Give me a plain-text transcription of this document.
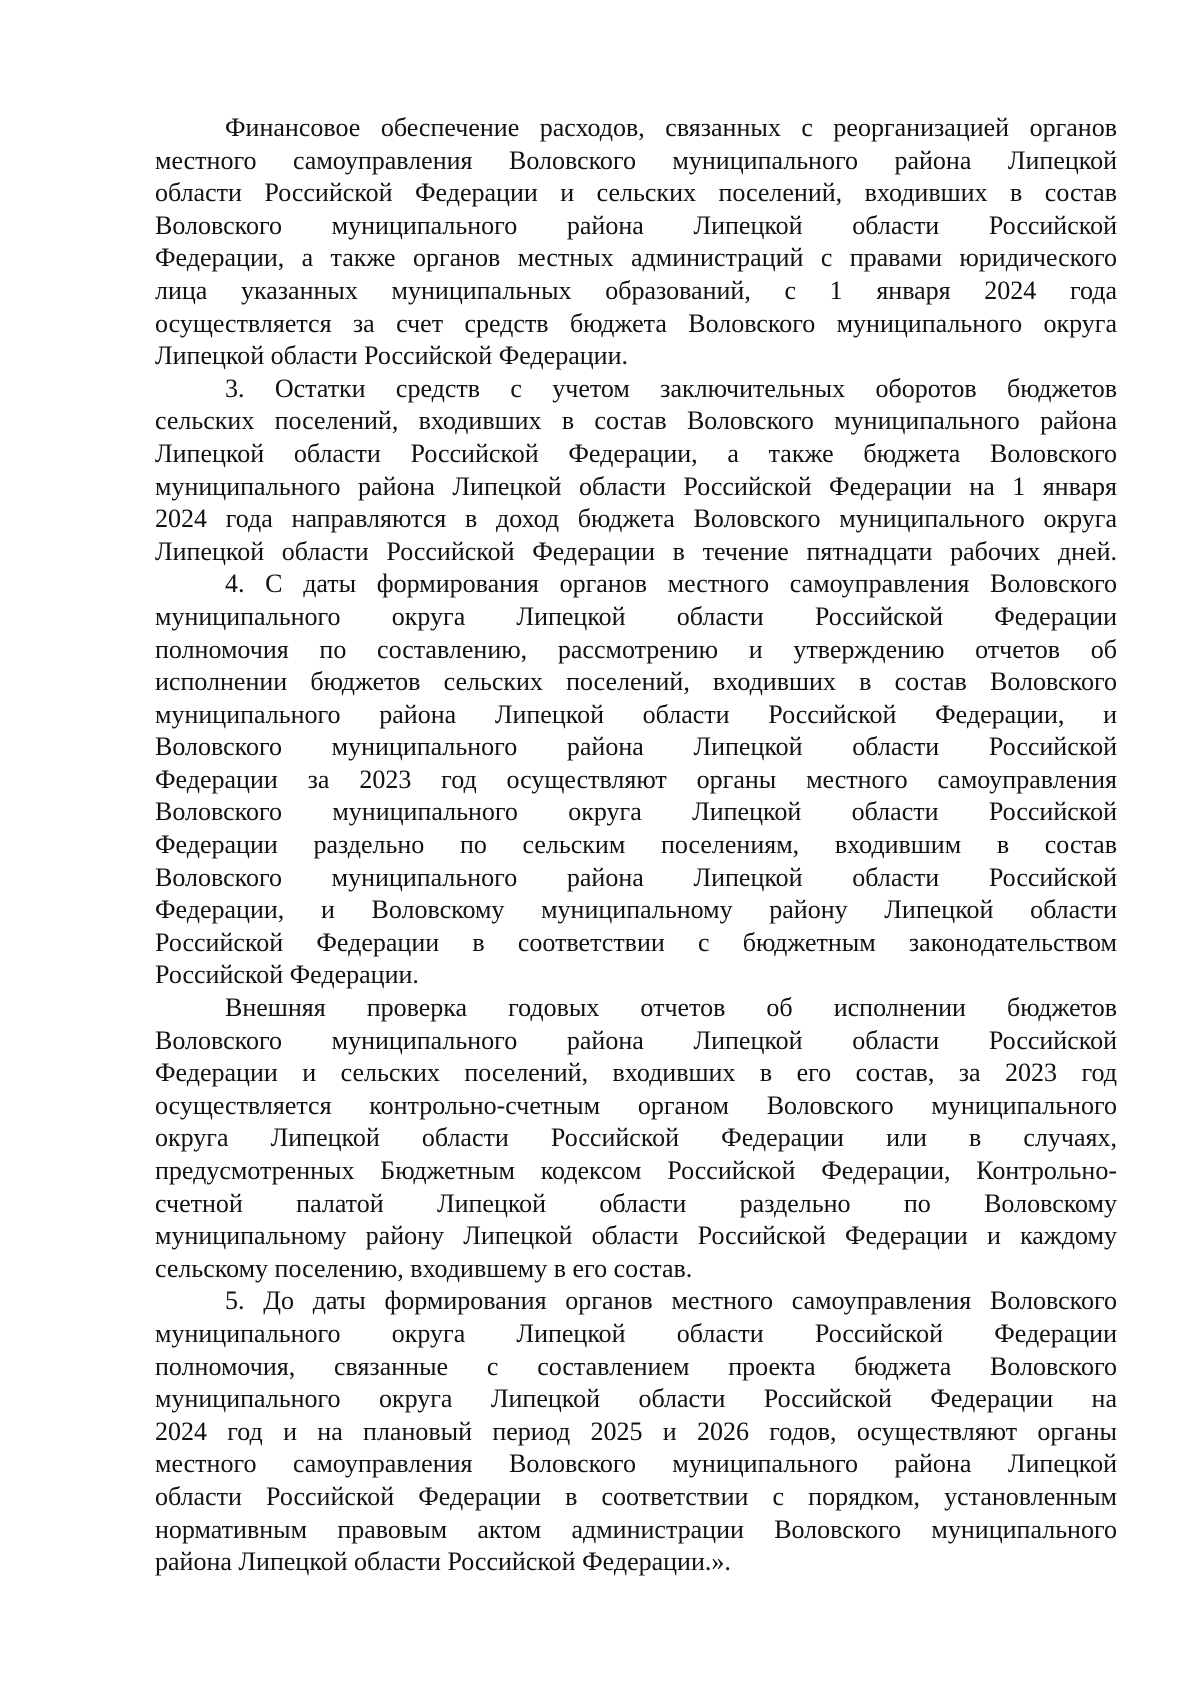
Финансовое обеспечение расходов, связанных с реорганизацией органов
местного самоуправления Воловского муниципального района Липецкой
области Российской Федерации и сельских поселений, входивших в состав
Воловского муниципального района Липецкой области Российской
Федерации, а также органов местных администраций с правами юридического
лица указанных муниципальных образований, с 1 января 2024 года
осуществляется за счет средств бюджета Воловского муниципального округа
Липецкой области Российской Федерации.
3. Остатки средств с учетом заключительных оборотов бюджетов
сельских поселений, входивших в состав Воловского муниципального района
Липецкой области Российской Федерации, а также бюджета Воловского
муниципального района Липецкой области Российской Федерации на 1 января
2024 года направляются в доход бюджета Воловского муниципального округа
Липецкой области Российской Федерации в течение пятнадцати рабочих дней.
4. С даты формирования органов местного самоуправления Воловского
муниципального округа Липецкой области Российской Федерации
полномочия по составлению, рассмотрению и утверждению отчетов об
исполнении бюджетов сельских поселений, входивших в состав Воловского
муниципального района Липецкой области Российской Федерации, и
Воловского муниципального района Липецкой области Российской
Федерации за 2023 год осуществляют органы местного самоуправления
Воловского муниципального округа Липецкой области Российской
Федерации раздельно по сельским поселениям, входившим в состав
Воловского муниципального района Липецкой области Российской
Федерации, и Воловскому муниципальному району Липецкой области
Российской Федерации в соответствии с бюджетным законодательством
Российской Федерации.
Внешняя проверка годовых отчетов об исполнении бюджетов
Воловского муниципального района Липецкой области Российской
Федерации и сельских поселений, входивших в его состав, за 2023 год
осуществляется контрольно-счетным органом Воловского муниципального
округа Липецкой области Российской Федерации или в случаях,
предусмотренных Бюджетным кодексом Российской Федерации, Контрольно-
счетной палатой Липецкой области раздельно по Воловскому
муниципальному району Липецкой области Российской Федерации и каждому
сельскому поселению, входившему в его состав.
5. До даты формирования органов местного самоуправления Воловского
муниципального округа Липецкой области Российской Федерации
полномочия, связанные с составлением проекта бюджета Воловского
муниципального округа Липецкой области Российской Федерации на
2024 год и на плановый период 2025 и 2026 годов, осуществляют органы
местного самоуправления Воловского муниципального района Липецкой
области Российской Федерации в соответствии с порядком, установленным
нормативным правовым актом администрации Воловского муниципального
района Липецкой области Российской Федерации.».
